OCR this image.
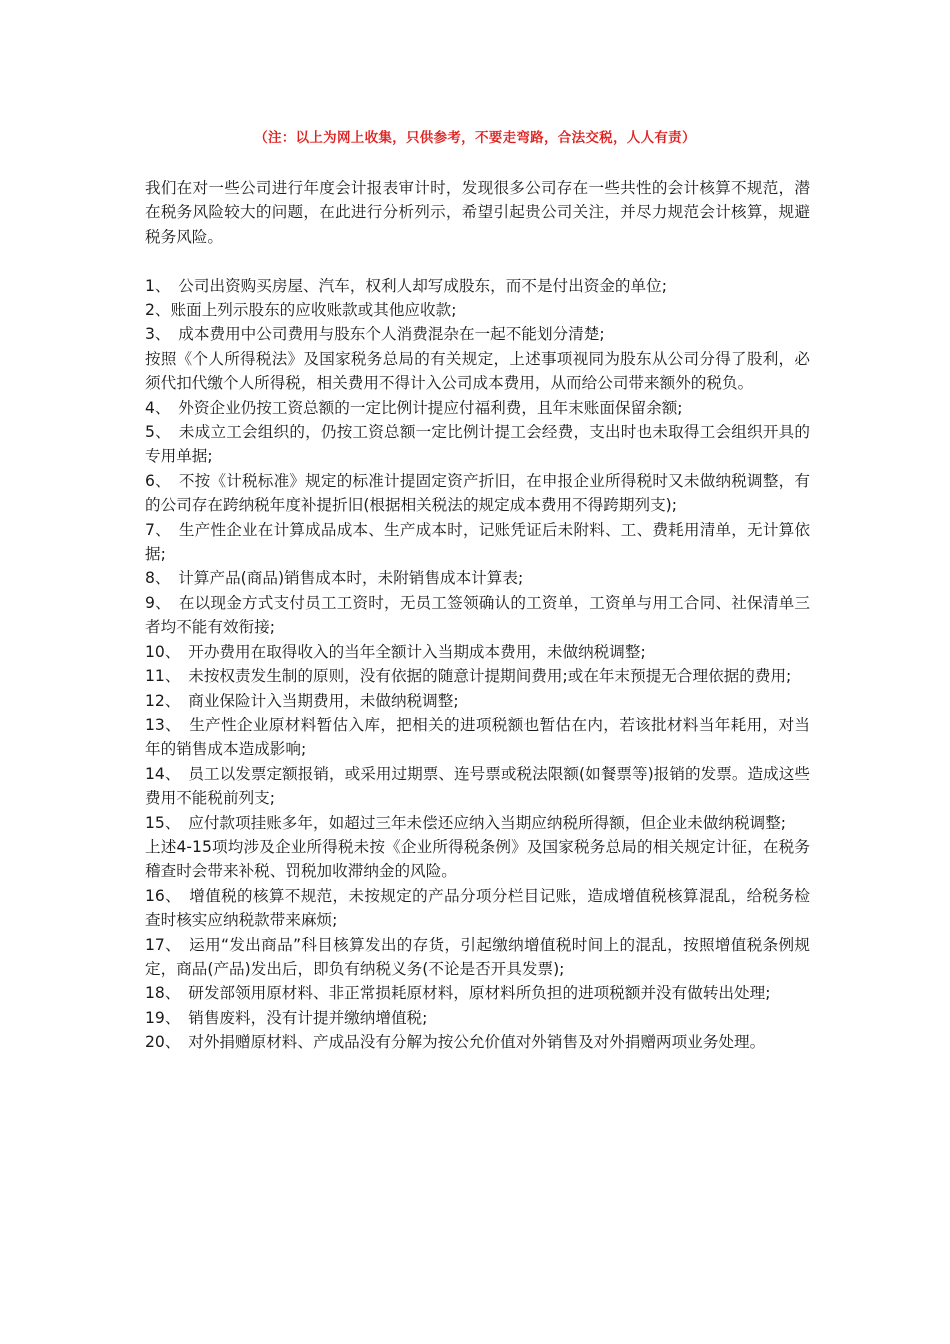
（注：以上为网上收集，只供参考，不要走弯路，合法交税，人人有责）

我们在对一些公司进行年度会计报表审计时，发现很多公司存在一些共性的会计核算不规范，潜在税务风险较大的问题，在此进行分析列示，希望引起贵公司关注，并尽力规范会计核算，规避税务风险。

1、　公司出资购买房屋、汽车，权利人却写成股东，而不是付出资金的单位;

2、账面上列示股东的应收账款或其他应收款;

3、　成本费用中公司费用与股东个人消费混杂在一起不能划分清楚;

按照《个人所得税法》及国家税务总局的有关规定，上述事项视同为股东从公司分得了股利，必须代扣代缴个人所得税，相关费用不得计入公司成本费用，从而给公司带来额外的税负。

4、　外资企业仍按工资总额的一定比例计提应付福利费，且年末账面保留余额;

5、　未成立工会组织的，仍按工资总额一定比例计提工会经费，支出时也未取得工会组织开具的专用单据;

6、　不按《计税标准》规定的标准计提固定资产折旧，在申报企业所得税时又未做纳税调整，有的公司存在跨纳税年度补提折旧(根据相关税法的规定成本费用不得跨期列支);

7、　生产性企业在计算成品成本、生产成本时，记账凭证后未附料、工、费耗用清单，无计算依据;

8、　计算产品(商品)销售成本时，未附销售成本计算表;

9、　在以现金方式支付员工工资时，无员工签领确认的工资单，工资单与用工合同、社保清单三者均不能有效衔接;

10、　开办费用在取得收入的当年全额计入当期成本费用，未做纳税调整;

11、　未按权责发生制的原则，没有依据的随意计提期间费用;或在年末预提无合理依据的费用;

12、　商业保险计入当期费用，未做纳税调整;

13、　生产性企业原材料暂估入库，把相关的进项税额也暂估在内，若该批材料当年耗用，对当年的销售成本造成影响;

14、　员工以发票定额报销，或采用过期票、连号票或税法限额(如餐票等)报销的发票。造成这些费用不能税前列支;

15、　应付款项挂账多年，如超过三年未偿还应纳入当期应纳税所得额，但企业未做纳税调整;

上述4-15项均涉及企业所得税未按《企业所得税条例》及国家税务总局的相关规定计征，在税务稽查时会带来补税、罚税加收滞纳金的风险。

16、　增值税的核算不规范，未按规定的产品分项分栏目记账，造成增值税核算混乱，给税务检查时核实应纳税款带来麻烦;

17、　运用“发出商品”科目核算发出的存货，引起缴纳增值税时间上的混乱，按照增值税条例规定，商品(产品)发出后，即负有纳税义务(不论是否开具发票);

18、　研发部领用原材料、非正常损耗原材料，原材料所负担的进项税额并没有做转出处理;

19、　销售废料，没有计提并缴纳增值税;

20、　对外捐赠原材料、产成品没有分解为按公允价值对外销售及对外捐赠两项业务处理。
